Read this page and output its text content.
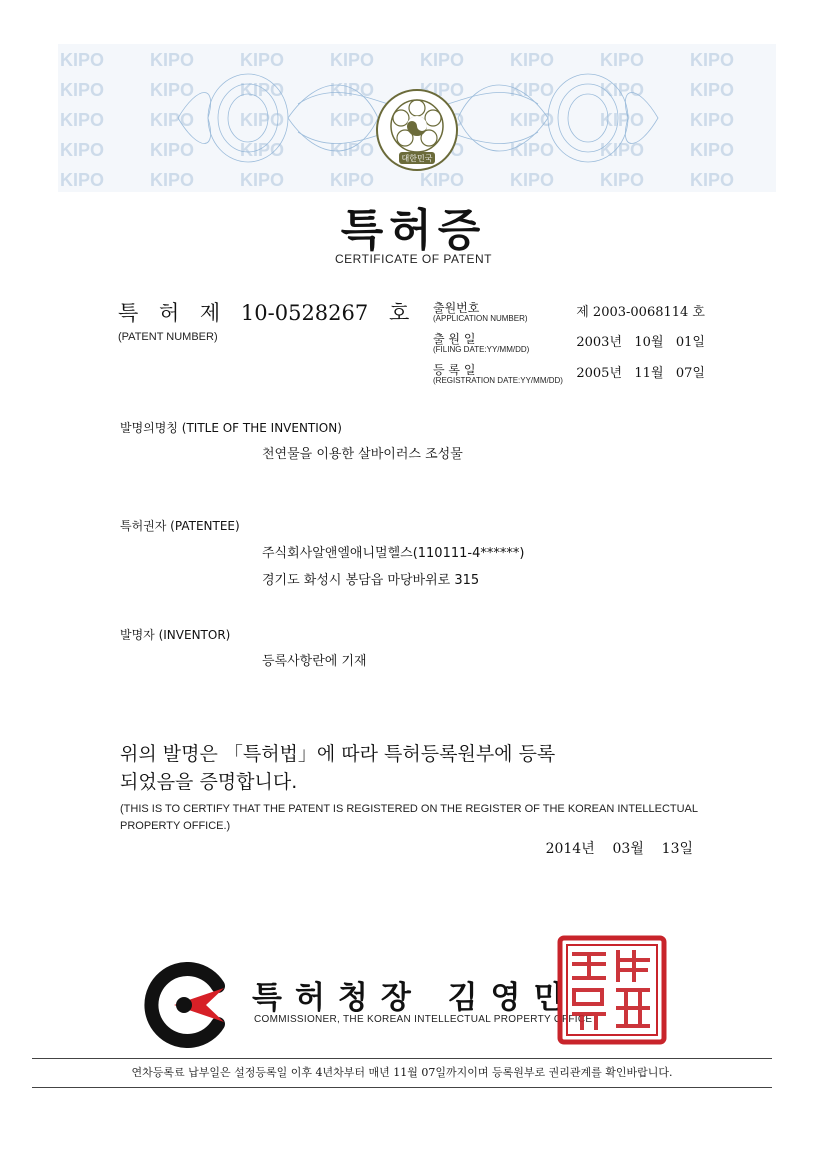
대한민국
특허증
CERTIFICATE OF PATENT
특 허 제 10-0528267 호
(PATENT NUMBER)
출원번호
(APPLICATION NUMBER)	제 2003-0068114 호
출 원 일
(FILING DATE:YY/MM/DD)	2003년   10월   01일
등 록 일
(REGISTRATION DATE:YY/MM/DD) 2005년   11월   07일
발명의명칭 (TITLE OF THE INVENTION)
천연물을 이용한 살바이러스 조성물
특허권자 (PATENTEE)
주식회사알앤엘애니멀헬스(110111-4******)
경기도 화성시 봉담읍 마당바위로 315
발명자 (INVENTOR)
등록사항란에 기재
위의 발명은 「특허법」에 따라 특허등록원부에 등록
되었음을 증명합니다.
(THIS IS TO CERTIFY THAT THE PATENT IS REGISTERED ON THE REGISTER OF THE KOREAN INTELLECTUAL PROPERTY OFFICE.)
2014년    03월    13일
특허청장 김영민
COMMISSIONER, THE KOREAN INTELLECTUAL PROPERTY OFFICE
연차등록료 납부일은 설정등록일 이후 4년차부터 매년 11월 07일까지이며 등록원부로 권리관계를 확인바랍니다.
